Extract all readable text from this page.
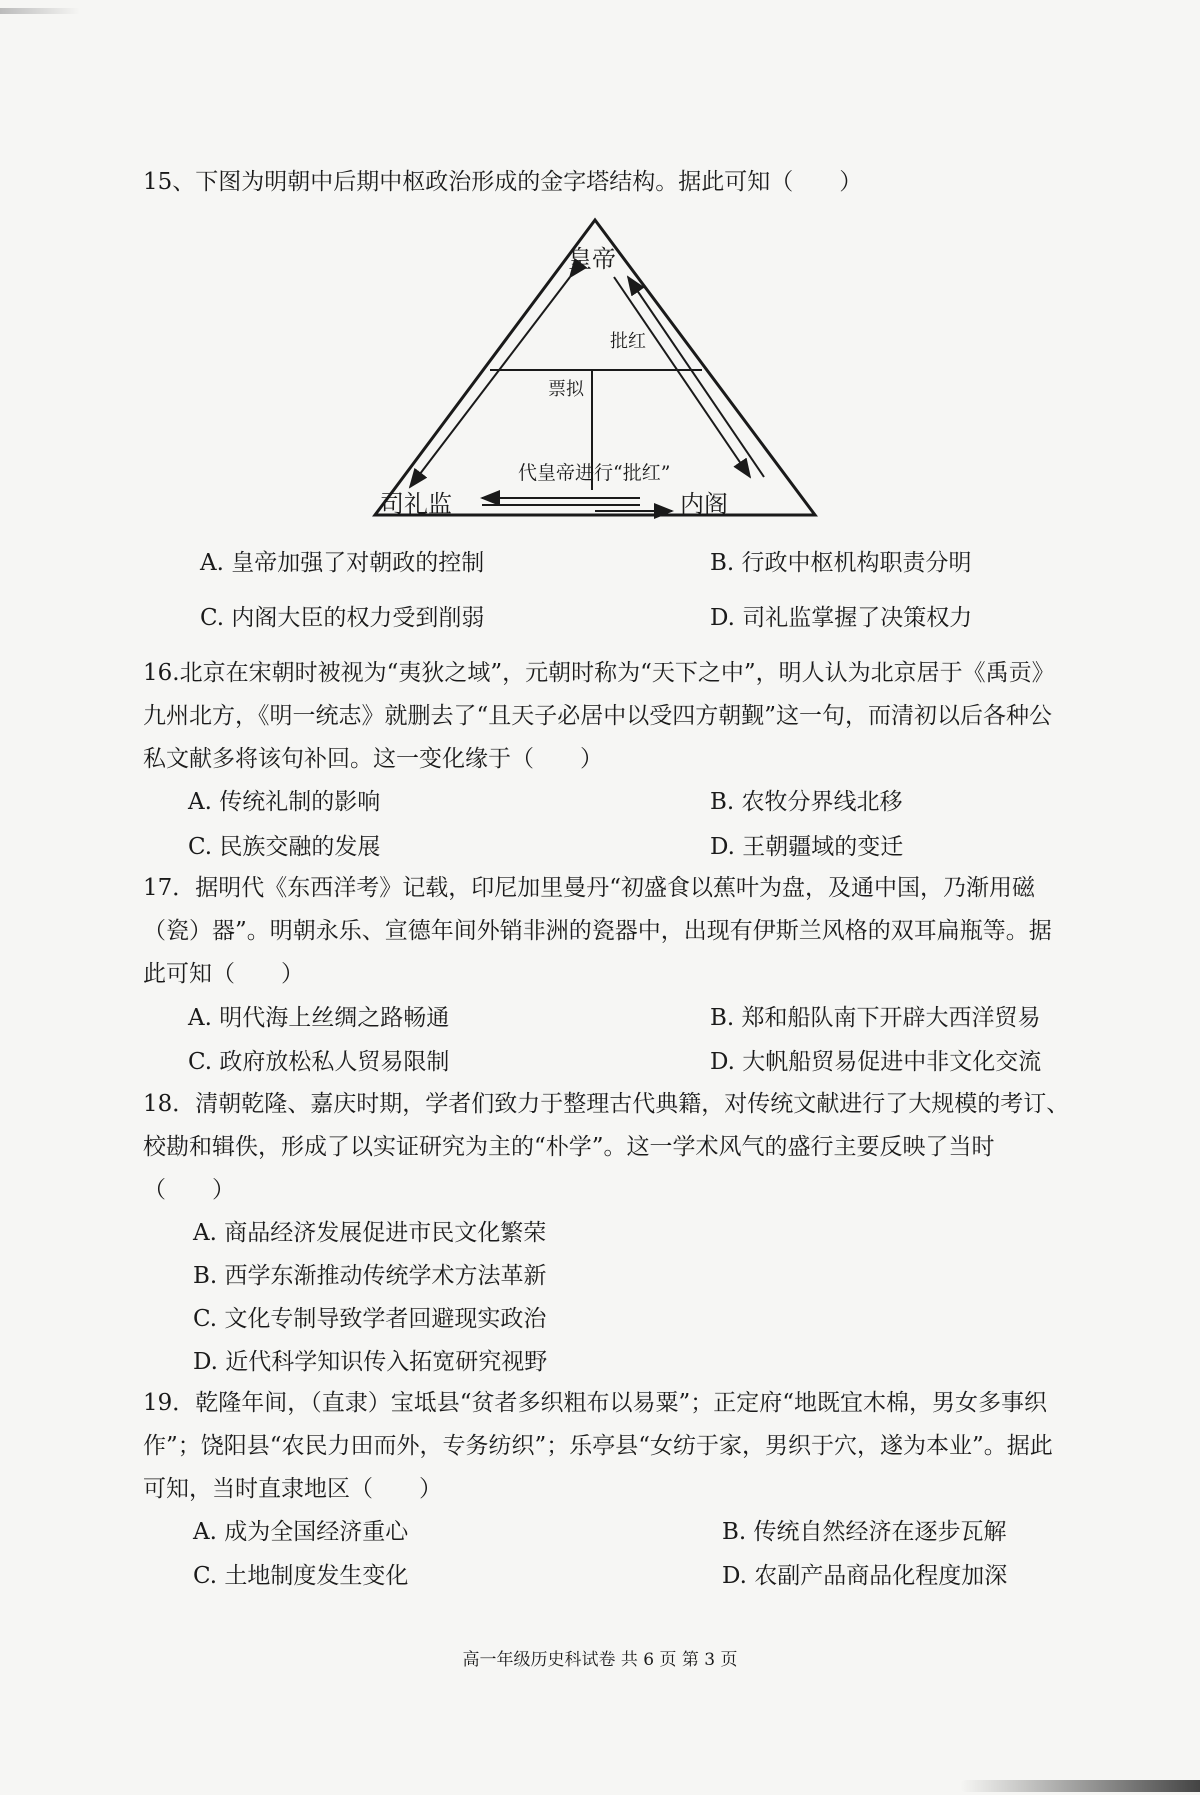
15、下图为明朝中后期中枢政治形成的金字塔结构。据此可知（　　）

皇帝
批红
票拟
代皇帝进行“批红”
司礼监	内阁
A. 皇帝加强了对朝政的控制	B. 行政中枢机构职责分明
C. 内阁大臣的权力受到削弱	D. 司礼监掌握了决策权力

16.北京在宋朝时被视为“夷狄之域”，元朝时称为“天下之中”，明人认为北京居于《禹贡》九州北方，《明一统志》就删去了“且天子必居中以受四方朝觐”这一句，而清初以后各种公私文献多将该句补回。这一变化缘于（　　）

A. 传统礼制的影响	B. 农牧分界线北移
C. 民族交融的发展	D. 王朝疆域的变迁

17．据明代《东西洋考》记载，印尼加里曼丹“初盛食以蕉叶为盘，及通中国，乃渐用磁（瓷）器”。明朝永乐、宣德年间外销非洲的瓷器中，出现有伊斯兰风格的双耳扁瓶等。据此可知（　　）

A. 明代海上丝绸之路畅通	B. 郑和船队南下开辟大西洋贸易
C. 政府放松私人贸易限制	D. 大帆船贸易促进中非文化交流

18．清朝乾隆、嘉庆时期，学者们致力于整理古代典籍，对传统文献进行了大规模的考订、校勘和辑佚，形成了以实证研究为主的“朴学”。这一学术风气的盛行主要反映了当时（　　）

A. 商品经济发展促进市民文化繁荣
B. 西学东渐推动传统学术方法革新
C. 文化专制导致学者回避现实政治
D. 近代科学知识传入拓宽研究视野

19．乾隆年间，（直隶）宝坻县“贫者多织粗布以易粟”；正定府“地既宜木棉，男女多事织作”；饶阳县“农民力田而外，专务纺织”；乐亭县“女纺于家，男织于穴，遂为本业”。据此可知，当时直隶地区（　　）

A. 成为全国经济重心	B. 传统自然经济在逐步瓦解
C. 土地制度发生变化	D. 农副产品商品化程度加深
高一年级历史科试卷 共 6 页 第 3 页
